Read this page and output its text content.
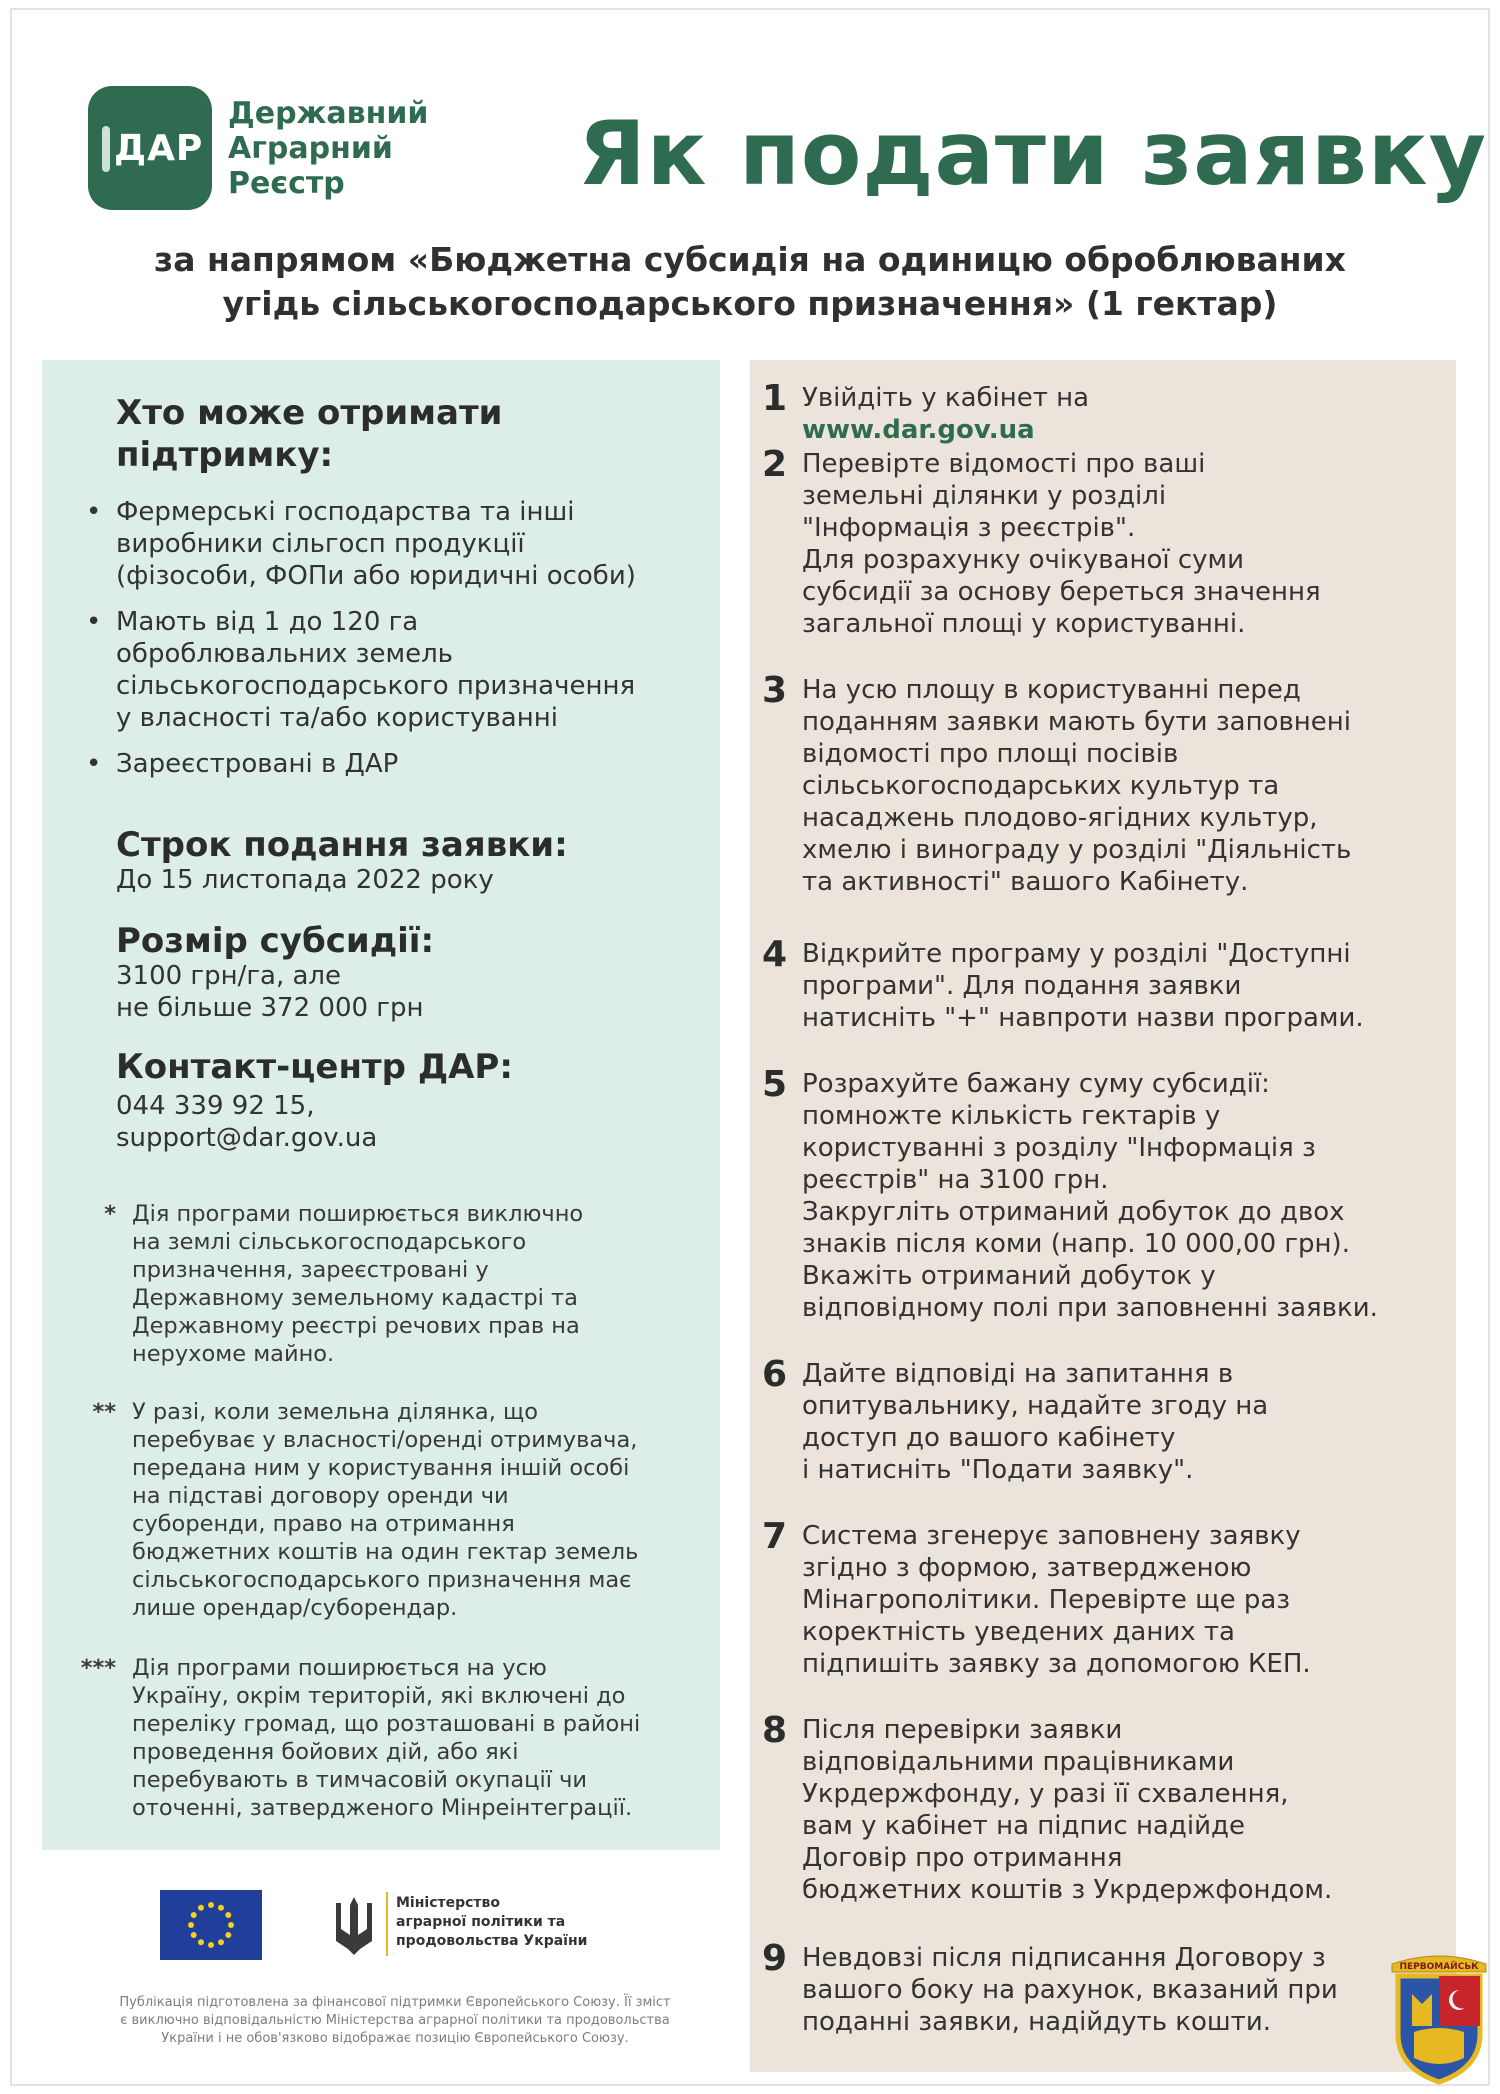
ДАР
Державний
Аграрний
Реєстр	Як подати заявку
за напрямом «Бюджетна субсидія на одиницю оброблюваних
угідь сільськогосподарського призначення» (1 гектар)
Хто може отримати
підтримку:
• Фермерські господарства та інші
виробники сільгосп продукції
(фізособи, ФОПи або юридичні особи)
• Мають від 1 до 120 га
оброблювальних земель
сільськогосподарського призначення
у власності та/або користуванні
• Зареєстровані в ДАР
Строк подання заявки:
До 15 листопада 2022 року
Розмір субсидії:
3100 грн/га, але
не більше 372 000 грн
Контакт-центр ДАР:
044 339 92 15,
support@dar.gov.ua
* Дія програми поширюється виключно
на землі сільськогосподарського
призначення, зареєстровані у
Державному земельному кадастрі та
Державному реєстрі речових прав на
нерухоме майно.
** У разі, коли земельна ділянка, що
перебуває у власності/оренді отримувача,
передана ним у користування іншій особі
на підставі договору оренди чи
суборенди, право на отримання
бюджетних коштів на один гектар земель
сільськогосподарського призначення має
лише орендар/суборендар.
*** Дія програми поширюється на усю
Україну, окрім територій, які включені до
переліку громад, що розташовані в районі
проведення бойових дій, або які
перебувають в тимчасовій окупації чи
оточенні, затвердженого Мінреінтеграції.
1 Увійдіть у кабінет на
www.dar.gov.ua
2 Перевірте відомості про ваші
земельні ділянки у розділі
"Інформація з реєстрів".
Для розрахунку очікуваної суми
субсидії за основу береться значення
загальної площі у користуванні.
3 На усю площу в користуванні перед
поданням заявки мають бути заповнені
відомості про площі посівів
сільськогосподарських культур та
насаджень плодово-ягідних культур,
хмелю і винограду у розділі "Діяльність
та активності" вашого Кабінету.
4 Відкрийте програму у розділі "Доступні
програми". Для подання заявки
натисніть "+" навпроти назви програми.
5 Розрахуйте бажану суму субсидії:
помножте кількість гектарів у
користуванні з розділу "Інформація з
реєстрів" на 3100 грн.
Закругліть отриманий добуток до двох
знаків після коми (напр. 10 000,00 грн).
Вкажіть отриманий добуток у
відповідному полі при заповненні заявки.
6 Дайте відповіді на запитання в
опитувальнику, надайте згоду на
доступ до вашого кабінету
і натисніть "Подати заявку".
7 Система згенерує заповнену заявку
згідно з формою, затвердженою
Мінагрополітики. Перевірте ще раз
коректність уведених даних та
підпишіть заявку за допомогою КЕП.
8 Після перевірки заявки
відповідальними працівниками
Укрдержфонду, у разі її схвалення,
вам у кабінет на підпис надійде
Договір про отримання
бюджетних коштів з Укрдержфондом.
9 Невдовзі після підписання Договору з
вашого боку на рахунок, вказаний при
поданні заявки, надійдуть кошти.
Міністерство
аграрної політики та
продовольства України
Публікація підготовлена за фінансової підтримки Європейського Союзу. Її зміст
є виключно відповідальністю Міністерства аграрної політики та продовольства
України і не обов'язково відображає позицію Європейського Союзу.
ПЕРВОМАЙСЬК
